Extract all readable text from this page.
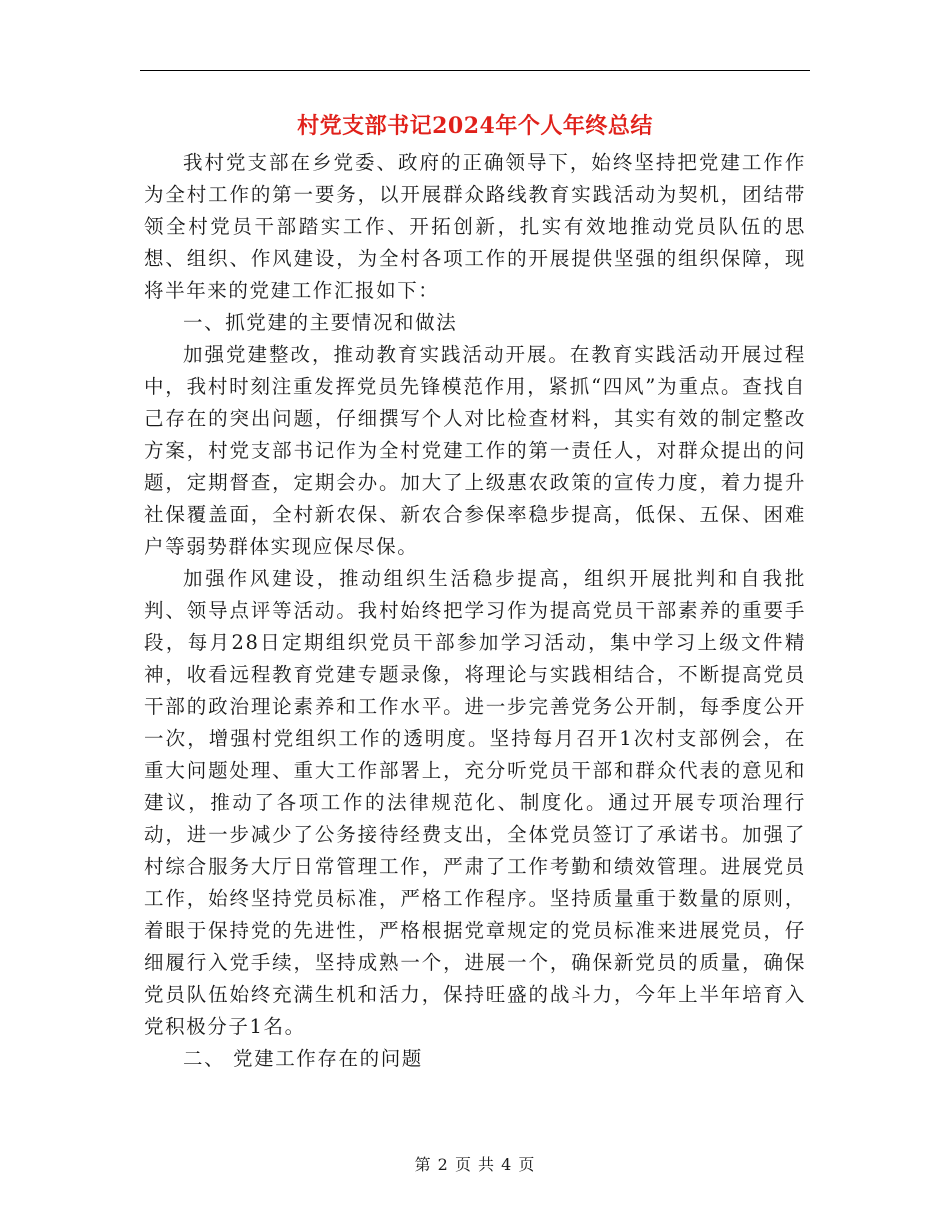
村党支部书记2024年个人年终总结

我村党支部在乡党委、政府的正确领导下，始终坚持把党建工作作为全村工作的第一要务，以开展群众路线教育实践活动为契机，团结带领全村党员干部踏实工作、开拓创新，扎实有效地推动党员队伍的思想、组织、作风建设，为全村各项工作的开展提供坚强的组织保障，现将半年来的党建工作汇报如下：

一、抓党建的主要情况和做法

加强党建整改，推动教育实践活动开展。在教育实践活动开展过程中，我村时刻注重发挥党员先锋模范作用，紧抓“四风”为重点。查找自己存在的突出问题，仔细撰写个人对比检查材料，其实有效的制定整改方案，村党支部书记作为全村党建工作的第一责任人，对群众提出的问题，定期督查，定期会办。加大了上级惠农政策的宣传力度，着力提升社保覆盖面，全村新农保、新农合参保率稳步提高，低保、五保、困难户等弱势群体实现应保尽保。

加强作风建设，推动组织生活稳步提高，组织开展批判和自我批判、领导点评等活动。我村始终把学习作为提高党员干部素养的重要手段，每月28日定期组织党员干部参加学习活动，集中学习上级文件精神，收看远程教育党建专题录像，将理论与实践相结合，不断提高党员干部的政治理论素养和工作水平。进一步完善党务公开制，每季度公开一次，增强村党组织工作的透明度。坚持每月召开1次村支部例会，在重大问题处理、重大工作部署上，充分听党员干部和群众代表的意见和建议，推动了各项工作的法律规范化、制度化。通过开展专项治理行动，进一步减少了公务接待经费支出，全体党员签订了承诺书。加强了村综合服务大厅日常管理工作，严肃了工作考勤和绩效管理。进展党员工作，始终坚持党员标准，严格工作程序。坚持质量重于数量的原则，着眼于保持党的先进性，严格根据党章规定的党员标准来进展党员，仔细履行入党手续，坚持成熟一个，进展一个，确保新党员的质量，确保党员队伍始终充满生机和活力，保持旺盛的战斗力，今年上半年培育入党积极分子1名。

二、 党建工作存在的问题

第 2 页 共 4 页
